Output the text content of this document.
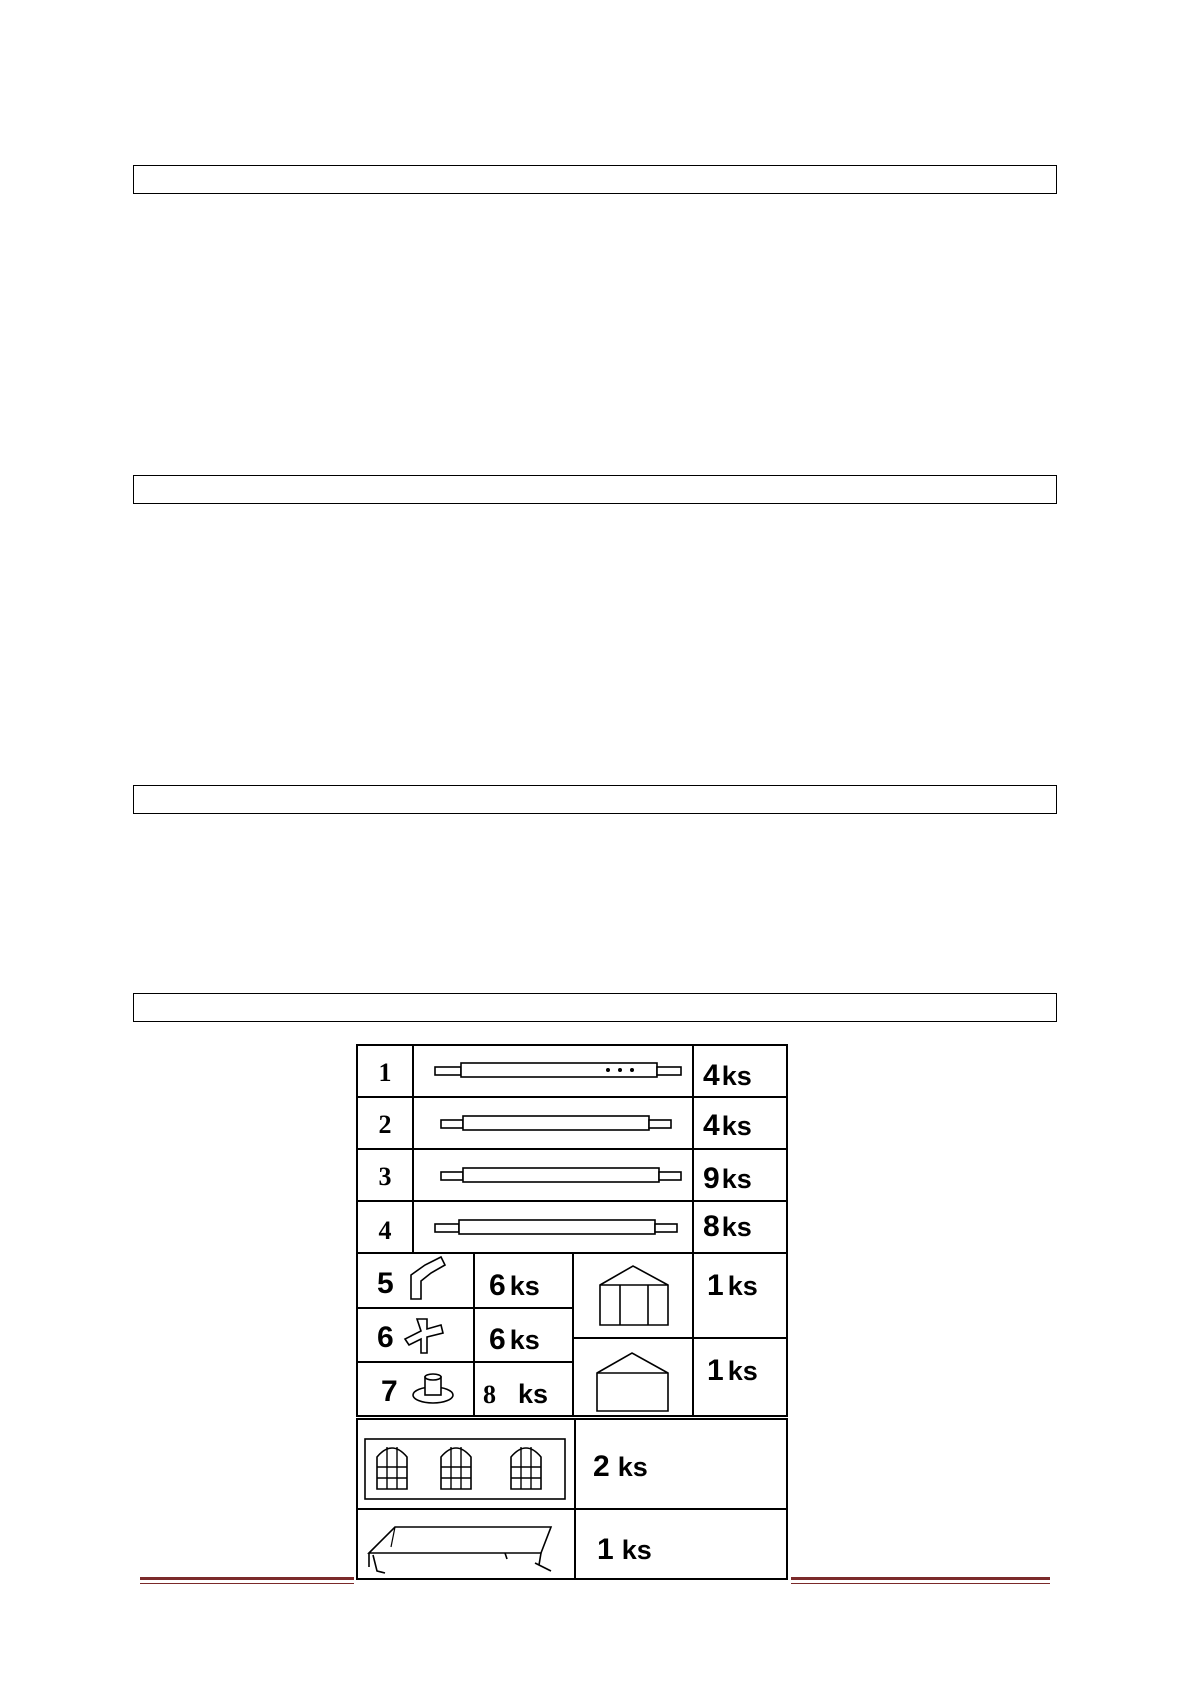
1	4ks
2	4ks
3	9ks
4	8ks
5	6 ks
6	6 ks
7	8 ks
1 ks
1 ks
2 ks
1 ks
